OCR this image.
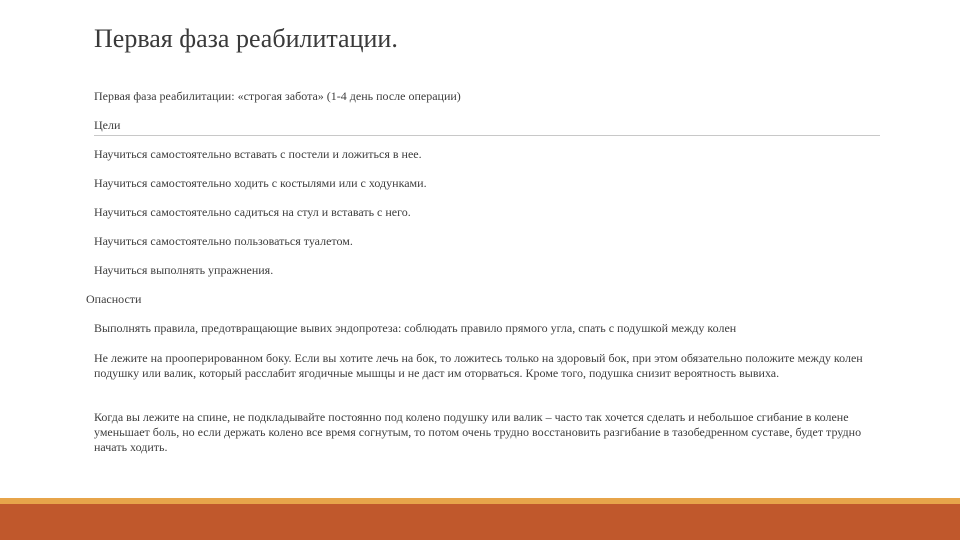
Первая фаза реабилитации.
Первая фаза реабилитации: «строгая забота» (1-4 день после операции)
Цели
Научиться самостоятельно вставать с постели и ложиться в нее.
Научиться самостоятельно ходить с костылями или с ходунками.
Научиться самостоятельно садиться на стул и вставать с него.
Научиться самостоятельно пользоваться туалетом.
Научиться выполнять упражнения.
Опасности
Выполнять правила, предотвращающие вывих эндопротеза: соблюдать правило прямого угла, спать с подушкой между колен
Не лежите на прооперированном боку. Если вы хотите лечь на бок, то ложитесь только на здоровый бок, при этом обязательно положите между колен подушку или валик, который расслабит ягодичные мышцы и не даст им оторваться. Кроме того, подушка снизит вероятность вывиха.
Когда вы лежите на спине, не подкладывайте постоянно под колено подушку или валик – часто так хочется сделать и небольшое сгибание в колене уменьшает боль, но если держать колено все время согнутым, то потом очень трудно восстановить разгибание в тазобедренном суставе, будет трудно начать ходить.
